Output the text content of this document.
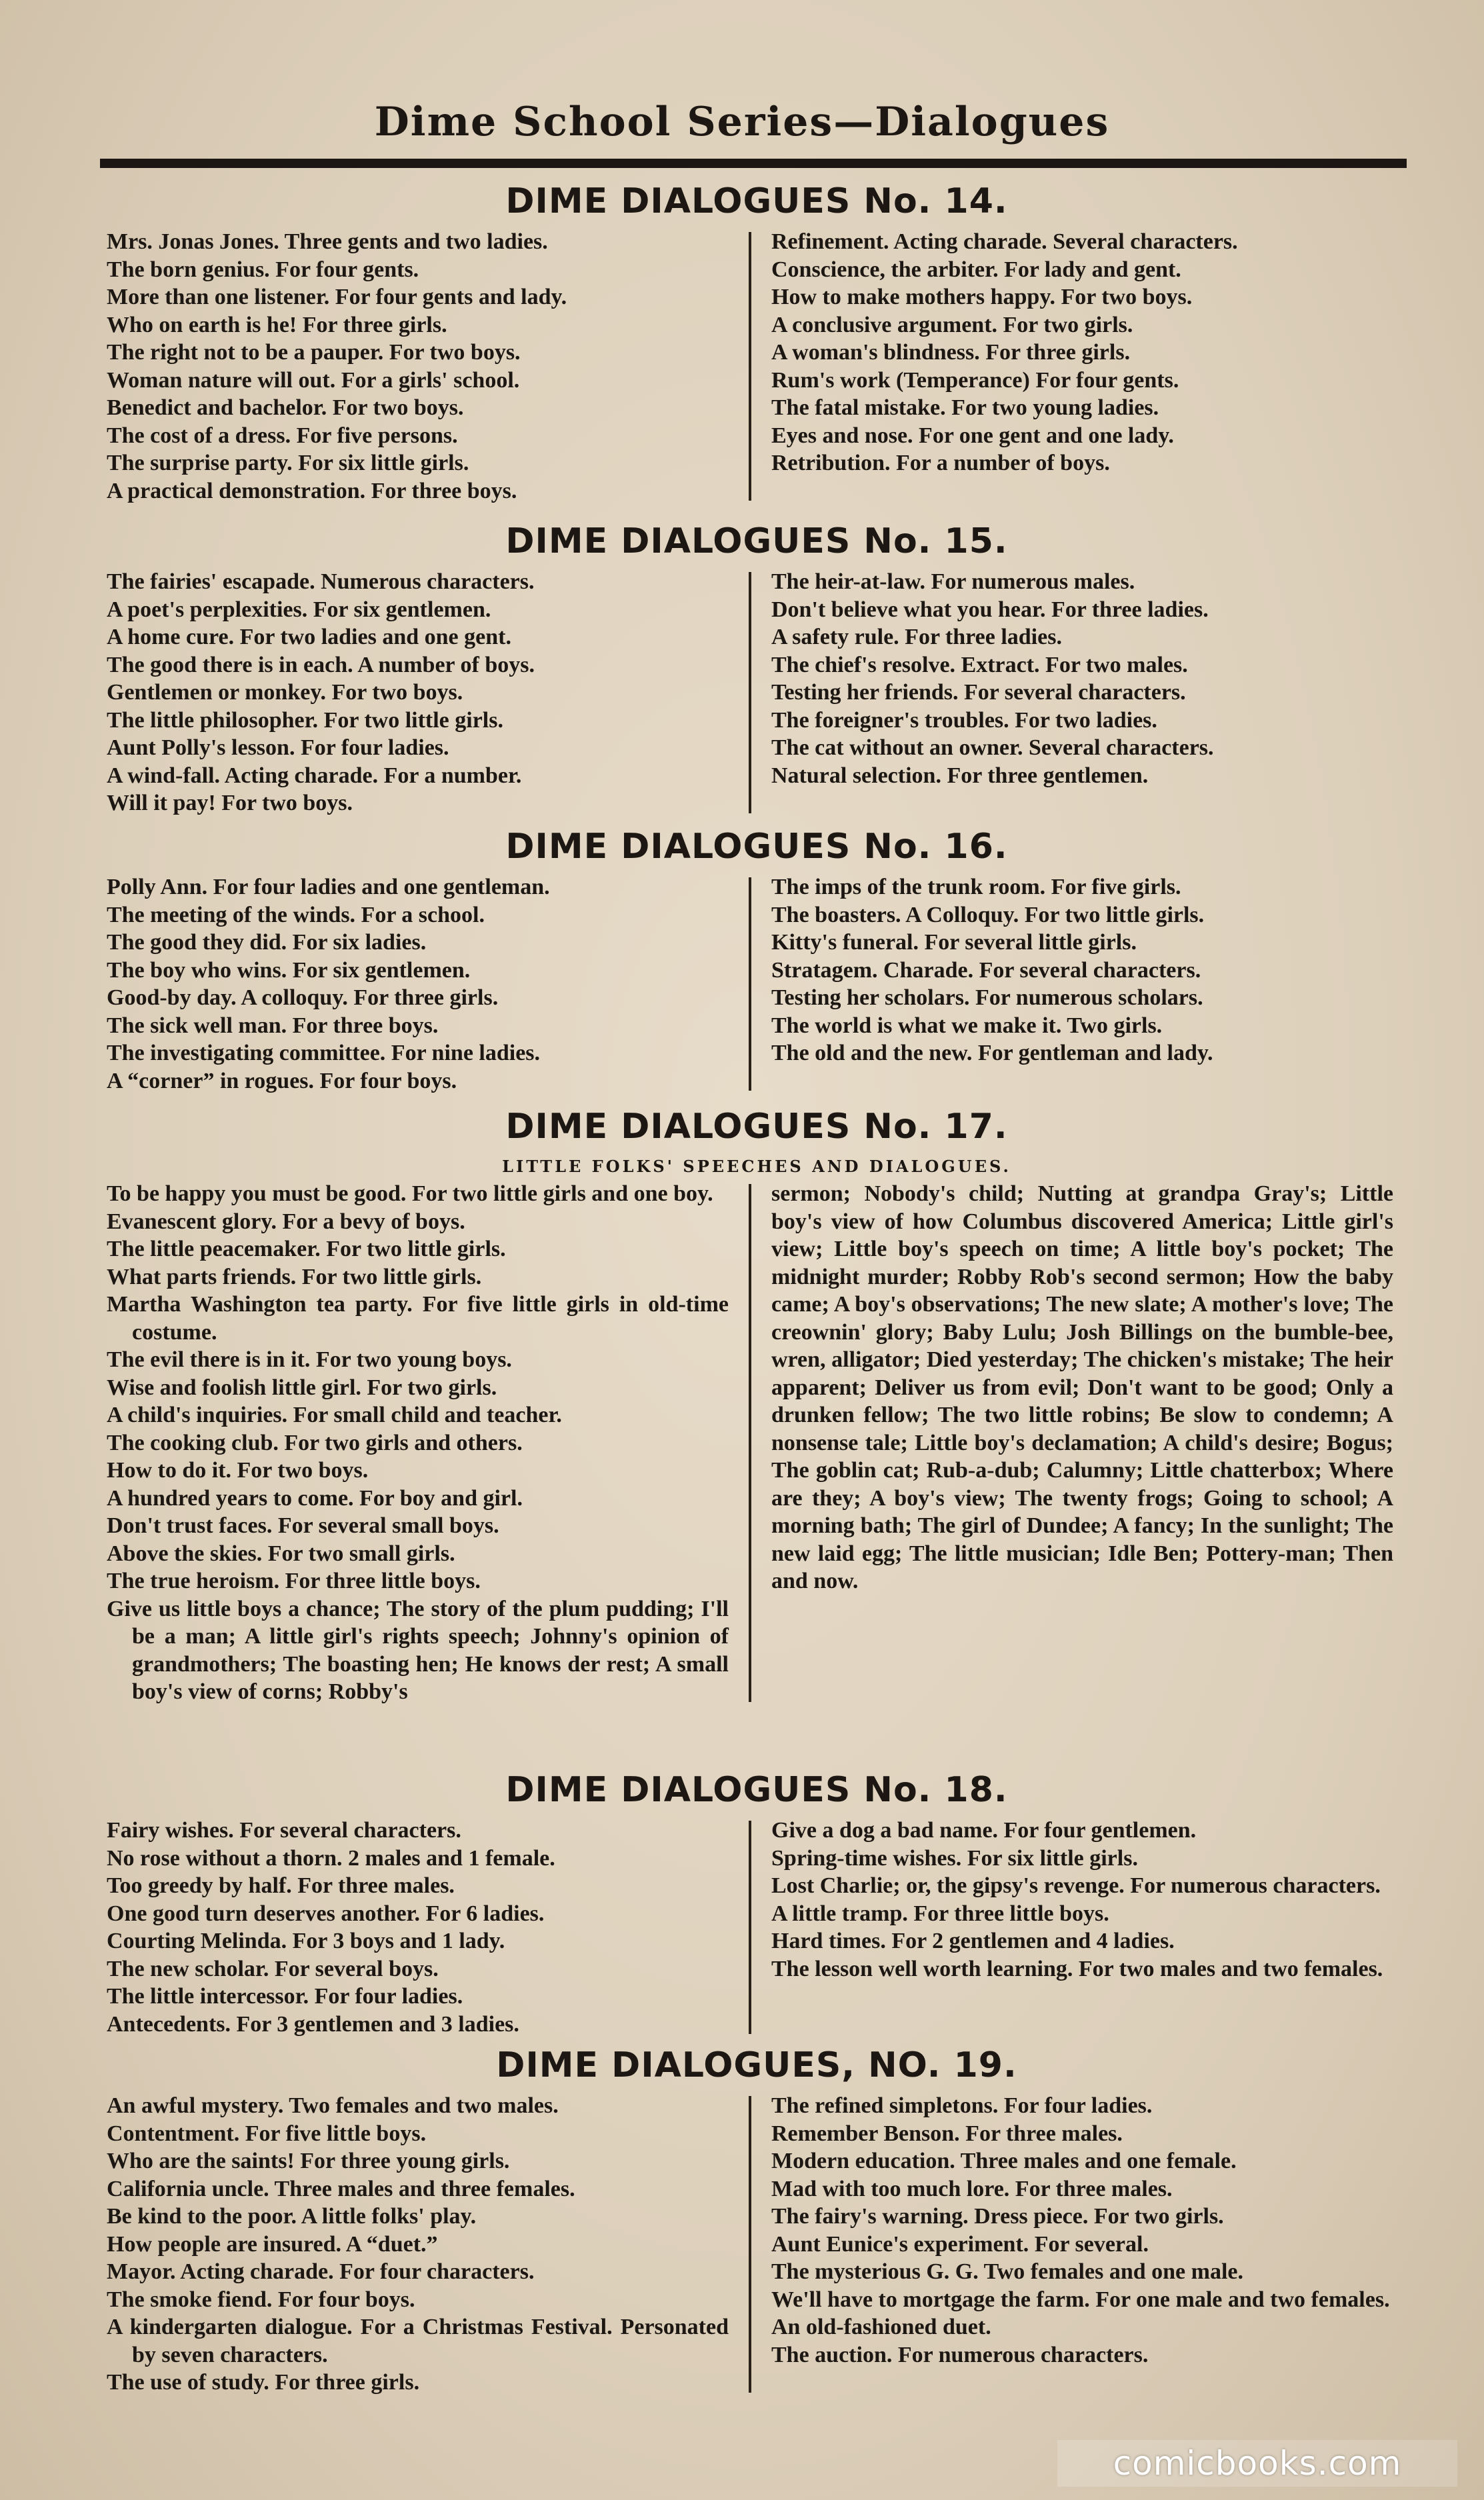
Dime School Series—Dialogues
DIME DIALOGUES No. 14.
Mrs. Jonas Jones. Three gents and two ladies.
The born genius. For four gents.
More than one listener. For four gents and lady.
Who on earth is he! For three girls.
The right not to be a pauper. For two boys.
Woman nature will out. For a girls' school.
Benedict and bachelor. For two boys.
The cost of a dress. For five persons.
The surprise party. For six little girls.
A practical demonstration. For three boys.
Refinement. Acting charade. Several characters.
Conscience, the arbiter. For lady and gent.
How to make mothers happy. For two boys.
A conclusive argument. For two girls.
A woman's blindness. For three girls.
Rum's work (Temperance) For four gents.
The fatal mistake. For two young ladies.
Eyes and nose. For one gent and one lady.
Retribution. For a number of boys.
DIME DIALOGUES No. 15.
The fairies' escapade. Numerous characters.
A poet's perplexities. For six gentlemen.
A home cure. For two ladies and one gent.
The good there is in each. A number of boys.
Gentlemen or monkey. For two boys.
The little philosopher. For two little girls.
Aunt Polly's lesson. For four ladies.
A wind-fall. Acting charade. For a number.
Will it pay! For two boys.
The heir-at-law. For numerous males.
Don't believe what you hear. For three ladies.
A safety rule. For three ladies.
The chief's resolve. Extract. For two males.
Testing her friends. For several characters.
The foreigner's troubles. For two ladies.
The cat without an owner. Several characters.
Natural selection. For three gentlemen.
DIME DIALOGUES No. 16.
Polly Ann. For four ladies and one gentleman.
The meeting of the winds. For a school.
The good they did. For six ladies.
The boy who wins. For six gentlemen.
Good-by day. A colloquy. For three girls.
The sick well man. For three boys.
The investigating committee. For nine ladies.
A “corner” in rogues. For four boys.
The imps of the trunk room. For five girls.
The boasters. A Colloquy. For two little girls.
Kitty's funeral. For several little girls.
Stratagem. Charade. For several characters.
Testing her scholars. For numerous scholars.
The world is what we make it. Two girls.
The old and the new. For gentleman and lady.
DIME DIALOGUES No. 17.
LITTLE FOLKS' SPEECHES AND DIALOGUES.
To be happy you must be good. For two little girls and one boy.
Evanescent glory. For a bevy of boys.
The little peacemaker. For two little girls.
What parts friends. For two little girls.
Martha Washington tea party. For five little girls in old-time costume.
The evil there is in it. For two young boys.
Wise and foolish little girl. For two girls.
A child's inquiries. For small child and teacher.
The cooking club. For two girls and others.
How to do it. For two boys.
A hundred years to come. For boy and girl.
Don't trust faces. For several small boys.
Above the skies. For two small girls.
The true heroism. For three little boys.
Give us little boys a chance; The story of the plum pudding; I'll be a man; A little girl's rights speech; Johnny's opinion of grandmothers; The boasting hen; He knows der rest; A small boy's view of corns; Robby's
sermon; Nobody's child; Nutting at grandpa Gray's; Little boy's view of how Columbus discovered America; Little girl's view; Little boy's speech on time; A little boy's pocket; The midnight murder; Robby Rob's second sermon; How the baby came; A boy's observations; The new slate; A mother's love; The creownin' glory; Baby Lulu; Josh Billings on the bumble-bee, wren, alligator; Died yesterday; The chicken's mistake; The heir apparent; Deliver us from evil; Don't want to be good; Only a drunken fellow; The two little robins; Be slow to condemn; A nonsense tale; Little boy's declamation; A child's desire; Bogus; The goblin cat; Rub-a-dub; Calumny; Little chatterbox; Where are they; A boy's view; The twenty frogs; Going to school; A morning bath; The girl of Dundee; A fancy; In the sunlight; The new laid egg; The little musician; Idle Ben; Pottery-man; Then and now.
DIME DIALOGUES No. 18.
Fairy wishes. For several characters.
No rose without a thorn. 2 males and 1 female.
Too greedy by half. For three males.
One good turn deserves another. For 6 ladies.
Courting Melinda. For 3 boys and 1 lady.
The new scholar. For several boys.
The little intercessor. For four ladies.
Antecedents. For 3 gentlemen and 3 ladies.
Give a dog a bad name. For four gentlemen.
Spring-time wishes. For six little girls.
Lost Charlie; or, the gipsy's revenge. For numerous characters.
A little tramp. For three little boys.
Hard times. For 2 gentlemen and 4 ladies.
The lesson well worth learning. For two males and two females.
DIME DIALOGUES, NO. 19.
An awful mystery. Two females and two males.
Contentment. For five little boys.
Who are the saints! For three young girls.
California uncle. Three males and three females.
Be kind to the poor. A little folks' play.
How people are insured. A “duet.”
Mayor. Acting charade. For four characters.
The smoke fiend. For four boys.
A kindergarten dialogue. For a Christmas Festival. Personated by seven characters.
The use of study. For three girls.
The refined simpletons. For four ladies.
Remember Benson. For three males.
Modern education. Three males and one female.
Mad with too much lore. For three males.
The fairy's warning. Dress piece. For two girls.
Aunt Eunice's experiment. For several.
The mysterious G. G. Two females and one male.
We'll have to mortgage the farm. For one male and two females.
An old-fashioned duet.
The auction. For numerous characters.
comicbooks.com
